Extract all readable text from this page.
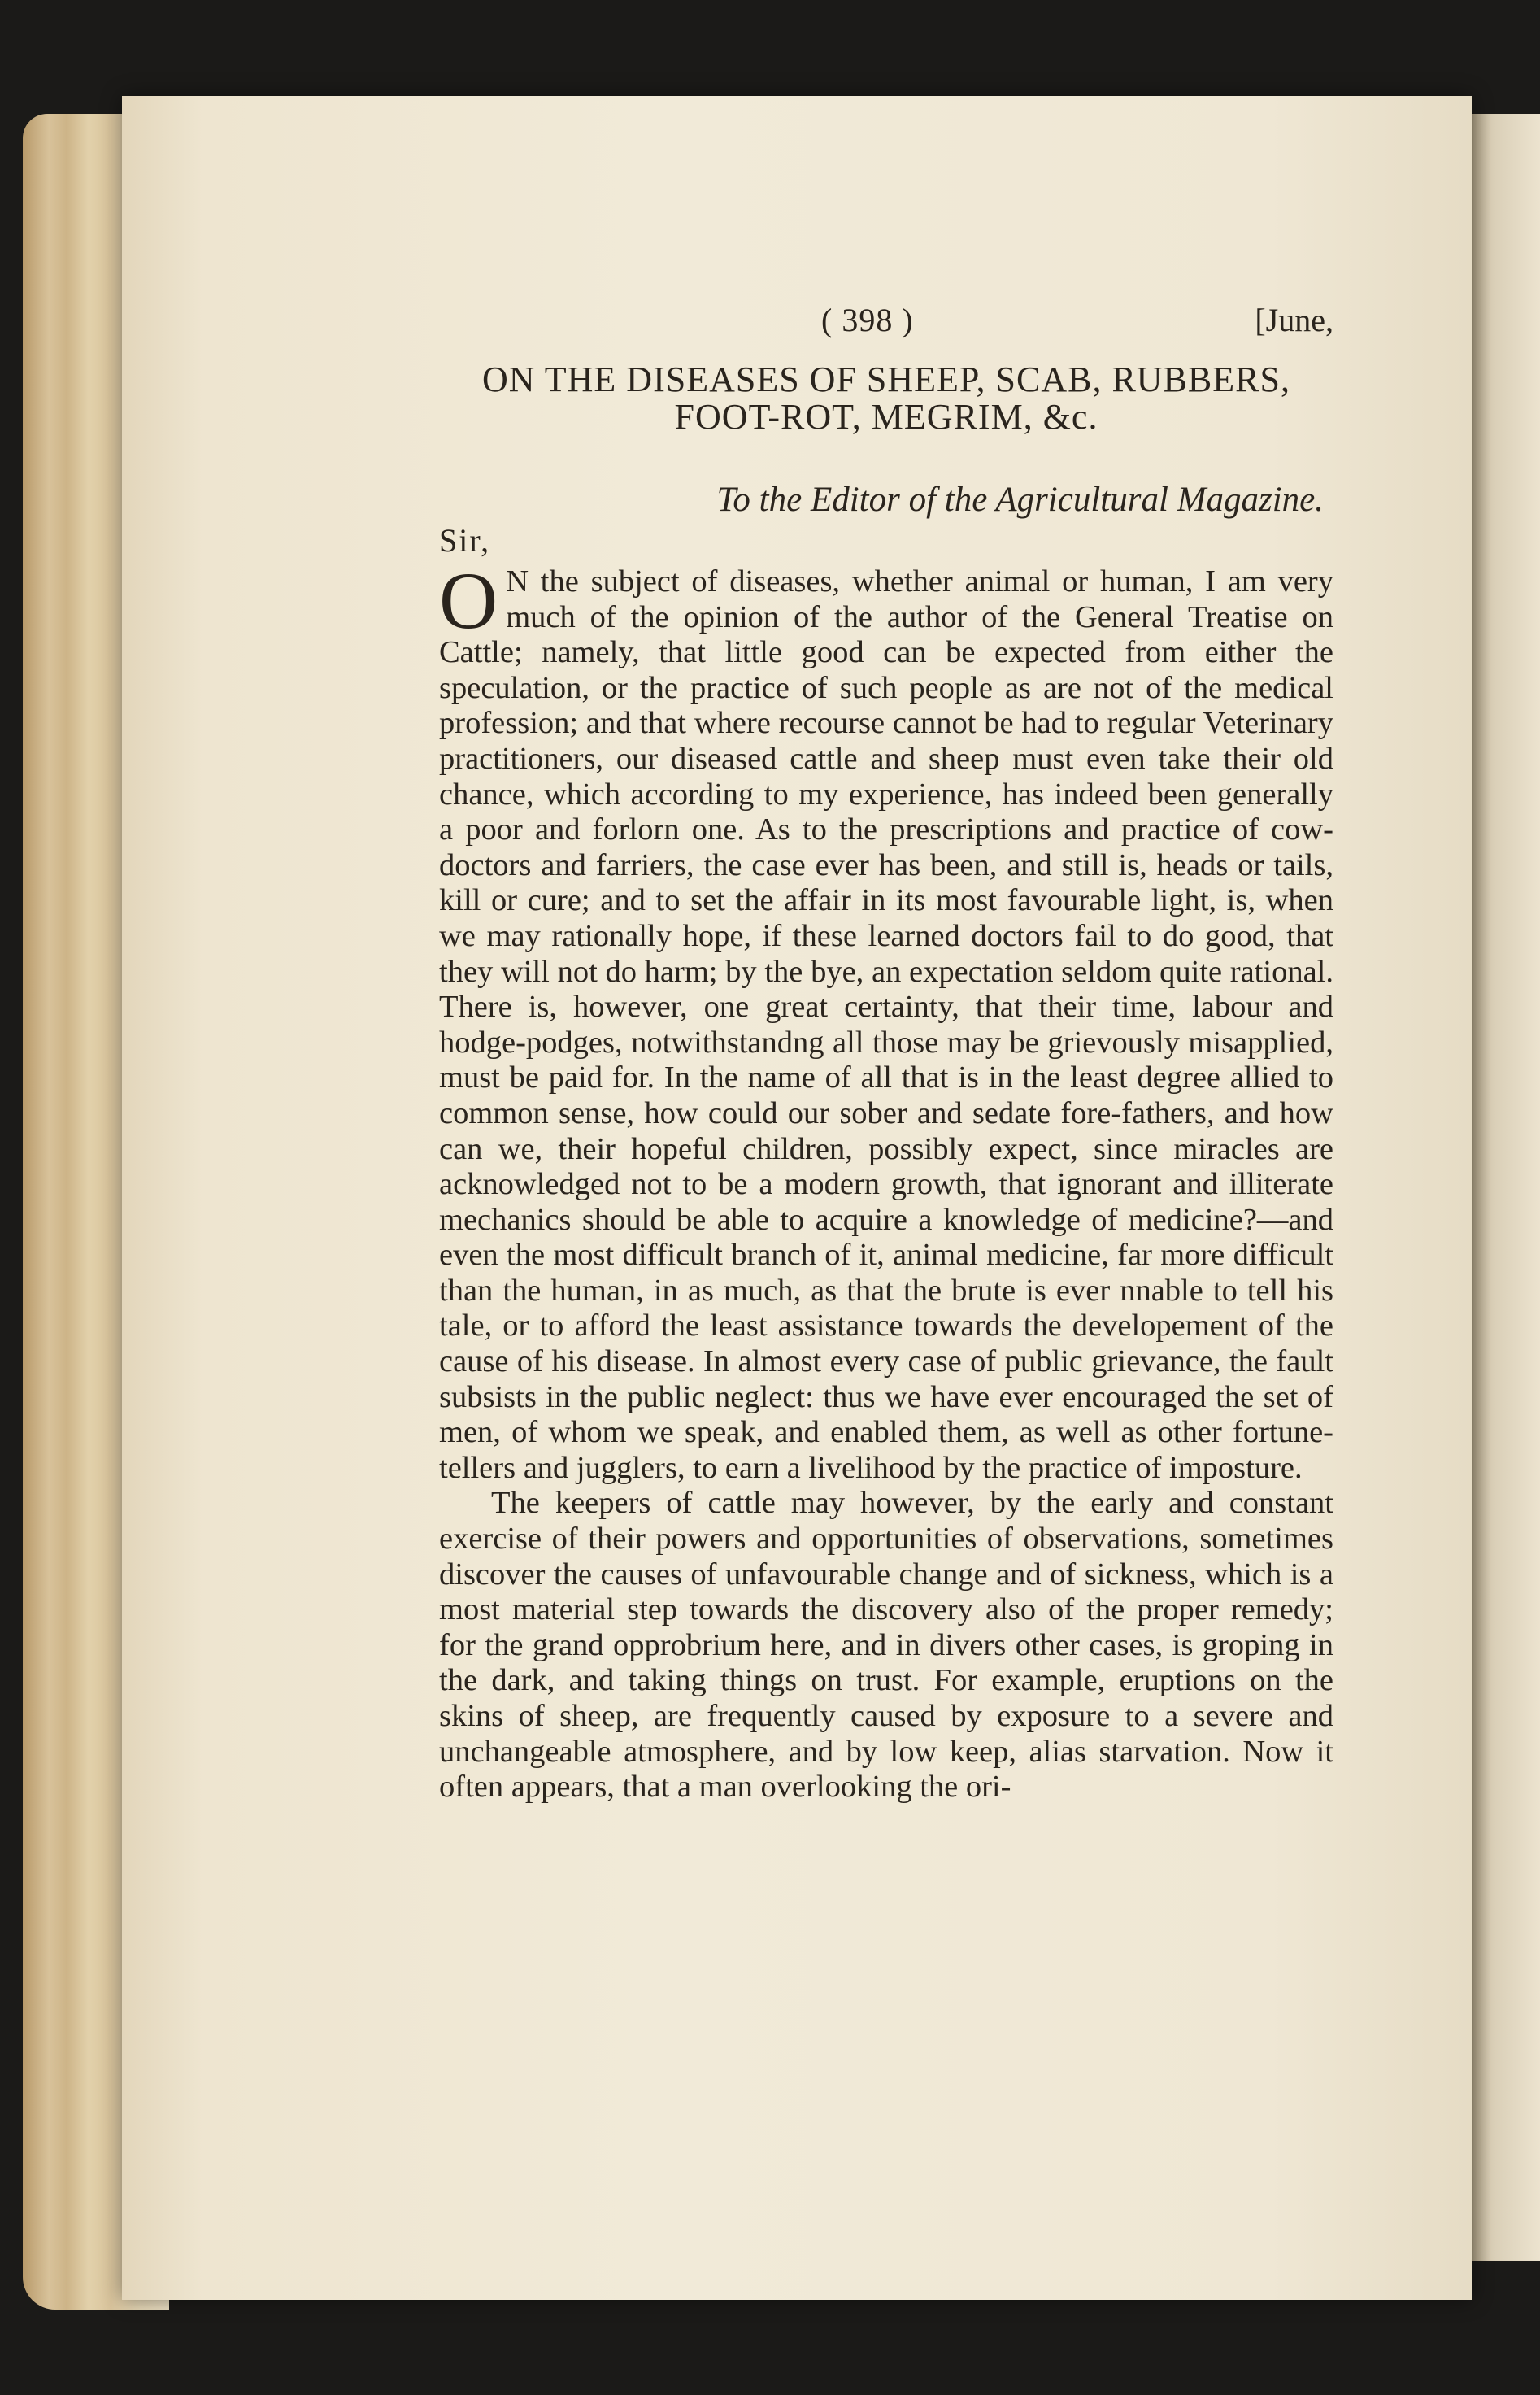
( 398 )	[June,
ON THE DISEASES OF SHEEP, SCAB, RUBBERS,
FOOT-ROT, MEGRIM, &c.
To the Editor of the Agricultural Magazine.
Sir,

O N the subject of diseases, whether animal or human, I am very much of the opinion of the author of the General Treatise on Cattle; namely, that little good can be expected from either the speculation, or the practice of such people as are not of the medical profession; and that where recourse cannot be had to regular Veterinary practitioners, our diseased cattle and sheep must even take their old chance, which according to my experience, has indeed been generally a poor and forlorn one. As to the prescriptions and practice of cow-doctors and farriers, the case ever has been, and still is, heads or tails, kill or cure; and to set the affair in its most favourable light, is, when we may rationally hope, if these learned doctors fail to do good, that they will not do harm; by the bye, an expectation seldom quite rational. There is, however, one great certainty, that their time, labour and hodge-podges, notwithstandng all those may be grievously misapplied, must be paid for. In the name of all that is in the least degree allied to common sense, how could our sober and sedate fore-fathers, and how can we, their hopeful children, possibly expect, since miracles are acknowledged not to be a modern growth, that ignorant and illiterate mechanics should be able to acquire a knowledge of medicine?—and even the most difficult branch of it, animal medicine, far more difficult than the human, in as much, as that the brute is ever nnable to tell his tale, or to afford the least assistance towards the developement of the cause of his disease. In almost every case of public grievance, the fault subsists in the public neglect: thus we have ever encouraged the set of men, of whom we speak, and enabled them, as well as other fortune-tellers and jugglers, to earn a livelihood by the practice of imposture.

The keepers of cattle may however, by the early and constant exercise of their powers and opportunities of observations, sometimes discover the causes of unfavourable change and of sickness, which is a most material step towards the discovery also of the proper remedy; for the grand opprobrium here, and in divers other cases, is groping in the dark, and taking things on trust. For example, eruptions on the skins of sheep, are frequently caused by exposure to a severe and unchangeable atmosphere, and by low keep, alias starvation. Now it often appears, that a man overlooking the ori-
